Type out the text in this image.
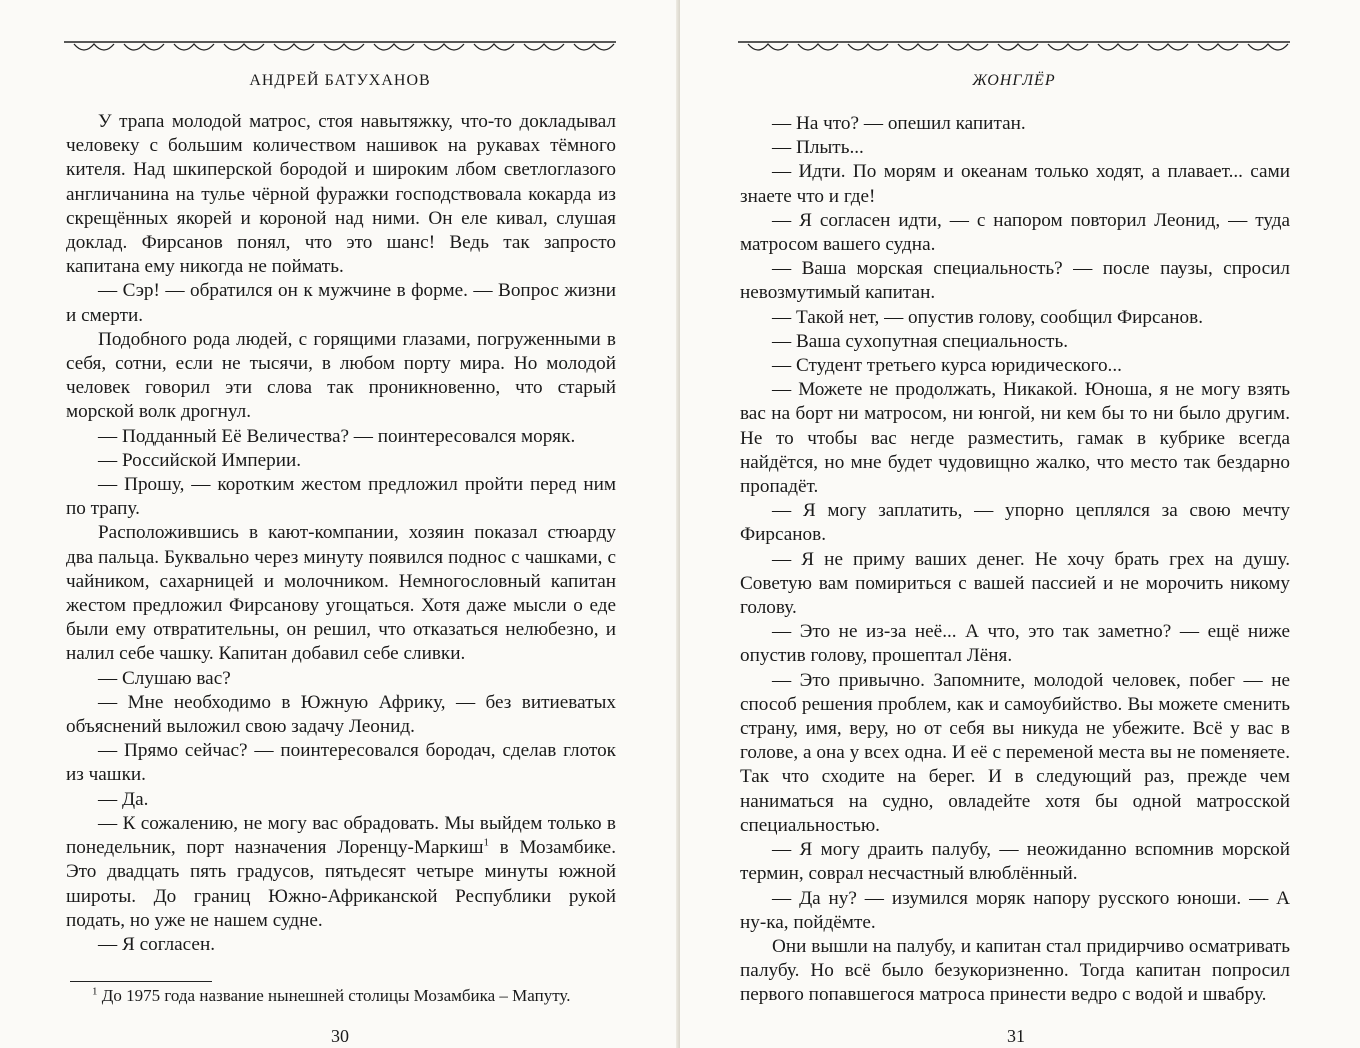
АНДРЕЙ БАТУХАНОВ

У трапа молодой матрос, стоя навытяжку, что-то докладывал человеку с большим количеством нашивок на рукавах тёмного кителя. Над шкиперской бородой и широким лбом светлоглазого англичанина на тулье чёрной фуражки господствовала кокарда из скрещённых якорей и короной над ними. Он еле кивал, слушая доклад. Фирсанов понял, что это шанс! Ведь так запросто капитана ему никогда не поймать.

— Сэр! — обратился он к мужчине в форме. — Вопрос жизни и смерти.

Подобного рода людей, с горящими глазами, погруженными в себя, сотни, если не тысячи, в любом порту мира. Но молодой человек говорил эти слова так проникновенно, что старый морской волк дрогнул.

— Подданный Её Величества? — поинтересовался моряк.

— Российской Империи.

— Прошу, — коротким жестом предложил пройти перед ним по трапу.

Расположившись в кают-компании, хозяин показал стюарду два пальца. Буквально через минуту появился поднос с чашками, с чайником, сахарницей и молочником. Немногословный капитан жестом предложил Фирсанову угощаться. Хотя даже мысли о еде были ему отвратительны, он решил, что отказаться нелюбезно, и налил себе чашку. Капитан добавил себе сливки.

— Слушаю вас?

— Мне необходимо в Южную Африку, — без витиеватых объяснений выложил свою задачу Леонид.

— Прямо сейчас? — поинтересовался бородач, сделав глоток из чашки.

— Да.

— К сожалению, не могу вас обрадовать. Мы выйдем только в понедельник, порт назначения Лоренцу-Маркиш$^1$ в Мозамбике. Это двадцать пять градусов, пятьдесят четыре минуты южной широты. До границ Южно-Африканской Республики рукой подать, но уже не нашем судне.

— Я согласен.

$^1$ До 1975 года название нынешней столицы Мозамбика – Мапуту.
30
ЖОНГЛЁР

— На что? — опешил капитан.

— Плыть...

— Идти. По морям и океанам только ходят, а плавает... сами знаете что и где!

— Я согласен идти, — с напором повторил Леонид, — туда матросом вашего судна.

— Ваша морская специальность? — после паузы, спросил невозмутимый капитан.

— Такой нет, — опустив голову, сообщил Фирсанов.

— Ваша сухопутная специальность.

— Студент третьего курса юридического...

— Можете не продолжать, Никакой. Юноша, я не могу взять вас на борт ни матросом, ни юнгой, ни кем бы то ни было другим. Не то чтобы вас негде разместить, гамак в кубрике всегда найдётся, но мне будет чудовищно жалко, что место так бездарно пропадёт.

— Я могу заплатить, — упорно цеплялся за свою мечту Фирсанов.

— Я не приму ваших денег. Не хочу брать грех на душу. Советую вам помириться с вашей пассией и не морочить никому голову.

— Это не из-за неё... А что, это так заметно? — ещё ниже опустив голову, прошептал Лёня.

— Это привычно. Запомните, молодой человек, побег — не способ решения проблем, как и самоубийство. Вы можете сменить страну, имя, веру, но от себя вы никуда не убежите. Всё у вас в голове, а она у всех одна. И её с переменой места вы не поменяете. Так что сходите на берег. И в следующий раз, прежде чем наниматься на судно, овладейте хотя бы одной матросской специальностью.

— Я могу драить палубу, — неожиданно вспомнив морской термин, соврал несчастный влюблённый.

— Да ну? — изумился моряк напору русского юноши. — А ну-ка, пойдёмте.

Они вышли на палубу, и капитан стал придирчиво осматривать палубу. Но всё было безукоризненно. Тогда капитан попросил первого попавшегося матроса принести ведро с водой и швабру.

31
